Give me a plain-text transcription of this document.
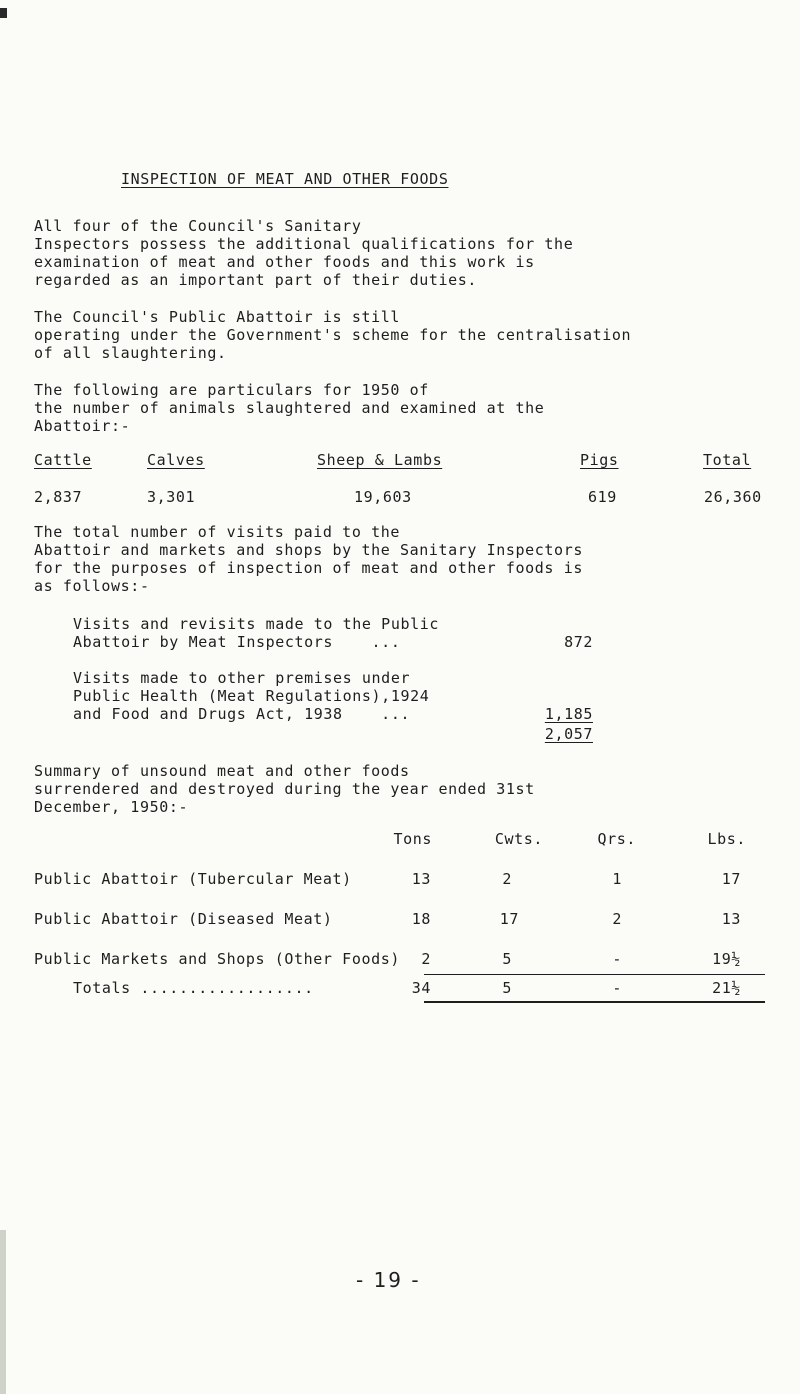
INSPECTION OF MEAT AND OTHER FOODS
All four of the Council's Sanitary
Inspectors possess the additional qualifications for the
examination of meat and other foods and this work is
regarded as an important part of their duties.
The Council's Public Abattoir is still
operating under the Government's scheme for the centralisation
of all slaughtering.
The following are particulars for 1950 of
the number of animals slaughtered and examined at the
Abattoir:-
Cattle	Calves	Sheep & Lambs	Pigs	Total
2,837	3,301	19,603	619	26,360
The total number of visits paid to the
Abattoir and markets and shops by the Sanitary Inspectors
for the purposes of inspection of meat and other foods is
as follows:-
Visits and revisits made to the Public
Abattoir by Meat Inspectors    ...	872
Visits made to other premises under
Public Health (Meat Regulations),1924
and Food and Drugs Act, 1938    ...	1,185
2,057
Summary of unsound meat and other foods
surrendered and destroyed during the year ended 31st
December, 1950:-
Tons	Cwts.	Qrs.	Lbs.
Public Abattoir (Tubercular Meat)	13	2	1	17
Public Abattoir (Diseased Meat)	18	17	2	13
Public Markets and Shops (Other Foods) 2	5	-	19½
Totals ..................	34	5	-	21½
- 19 -
